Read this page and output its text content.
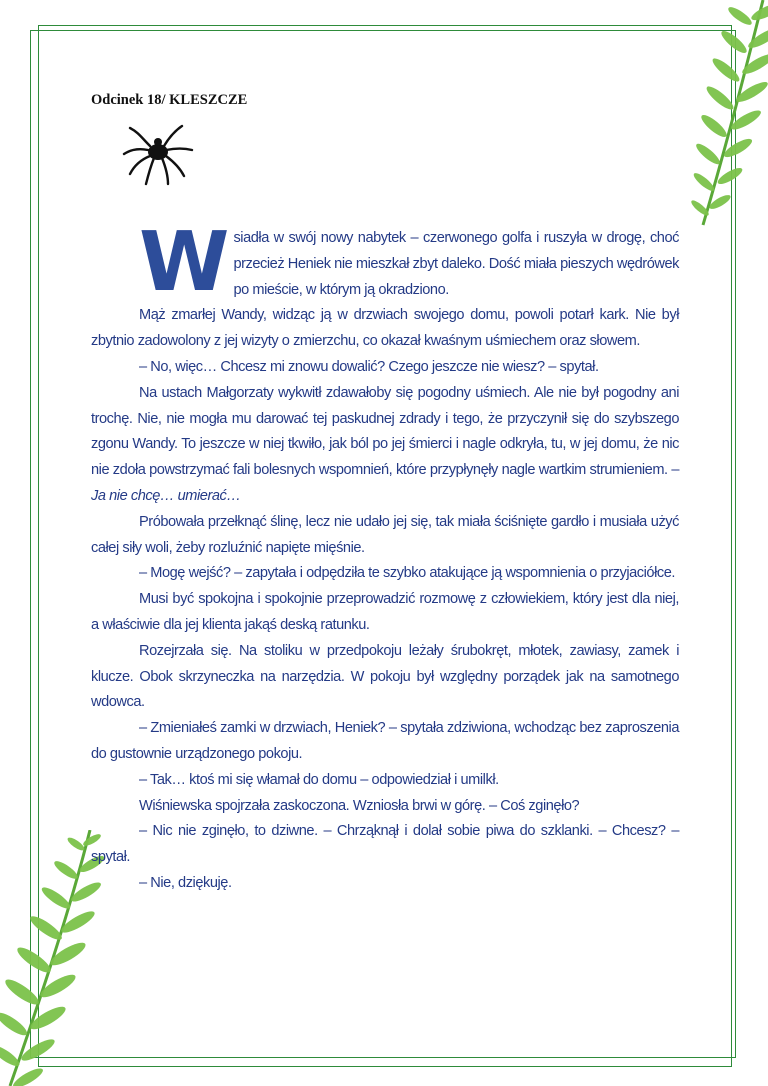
Odcinek 18/ KLESZCZE
W siadła w swój nowy nabytek – czerwonego golfa i ruszyła w drogę, choć przecież Heniek nie mieszkał zbyt daleko. Dość miała pieszych wędrówek po mieście, w którym ją okradziono.

Mąż zmarłej Wandy, widząc ją w drzwiach swojego domu, powoli potarł kark. Nie był zbytnio zadowolony z jej wizyty o zmierzchu, co okazał kwaśnym uśmiechem oraz słowem.

– No, więc… Chcesz mi znowu dowalić? Czego jeszcze nie wiesz? – spytał.

Na ustach Małgorzaty wykwitł zdawałoby się pogodny uśmiech. Ale nie był pogodny ani trochę. Nie, nie mogła mu darować tej paskudnej zdrady i tego, że przyczynił się do szybszego zgonu Wandy. To jeszcze w niej tkwiło, jak ból po jej śmierci i nagle odkryła, tu, w jej domu, że nic nie zdoła powstrzymać fali bolesnych wspomnień, które przypłynęły nagle wartkim strumieniem. – Ja nie chcę… umierać…

Próbowała przełknąć ślinę, lecz nie udało jej się, tak miała ściśnięte gardło i musiała użyć całej siły woli, żeby rozluźnić napięte mięśnie.

– Mogę wejść? – zapytała i odpędziła te szybko atakujące ją wspomnienia o przyjaciółce.

Musi być spokojna i spokojnie przeprowadzić rozmowę z człowiekiem, który jest dla niej, a właściwie dla jej klienta jakąś deską ratunku.

Rozejrzała się. Na stoliku w przedpokoju leżały śrubokręt, młotek, zawiasy, zamek i klucze. Obok skrzyneczka na narzędzia. W pokoju był względny porządek jak na samotnego wdowca.

– Zmieniałeś zamki w drzwiach, Heniek? – spytała zdziwiona, wchodząc bez zaproszenia do gustownie urządzonego pokoju.

– Tak… ktoś mi się włamał do domu – odpowiedział i umilkł.

Wiśniewska spojrzała zaskoczona. Wzniosła brwi w górę. – Coś zginęło?

– Nic nie zginęło, to dziwne. – Chrząknął i dolał sobie piwa do szklanki. – Chcesz? – spytał.

– Nie, dziękuję.
